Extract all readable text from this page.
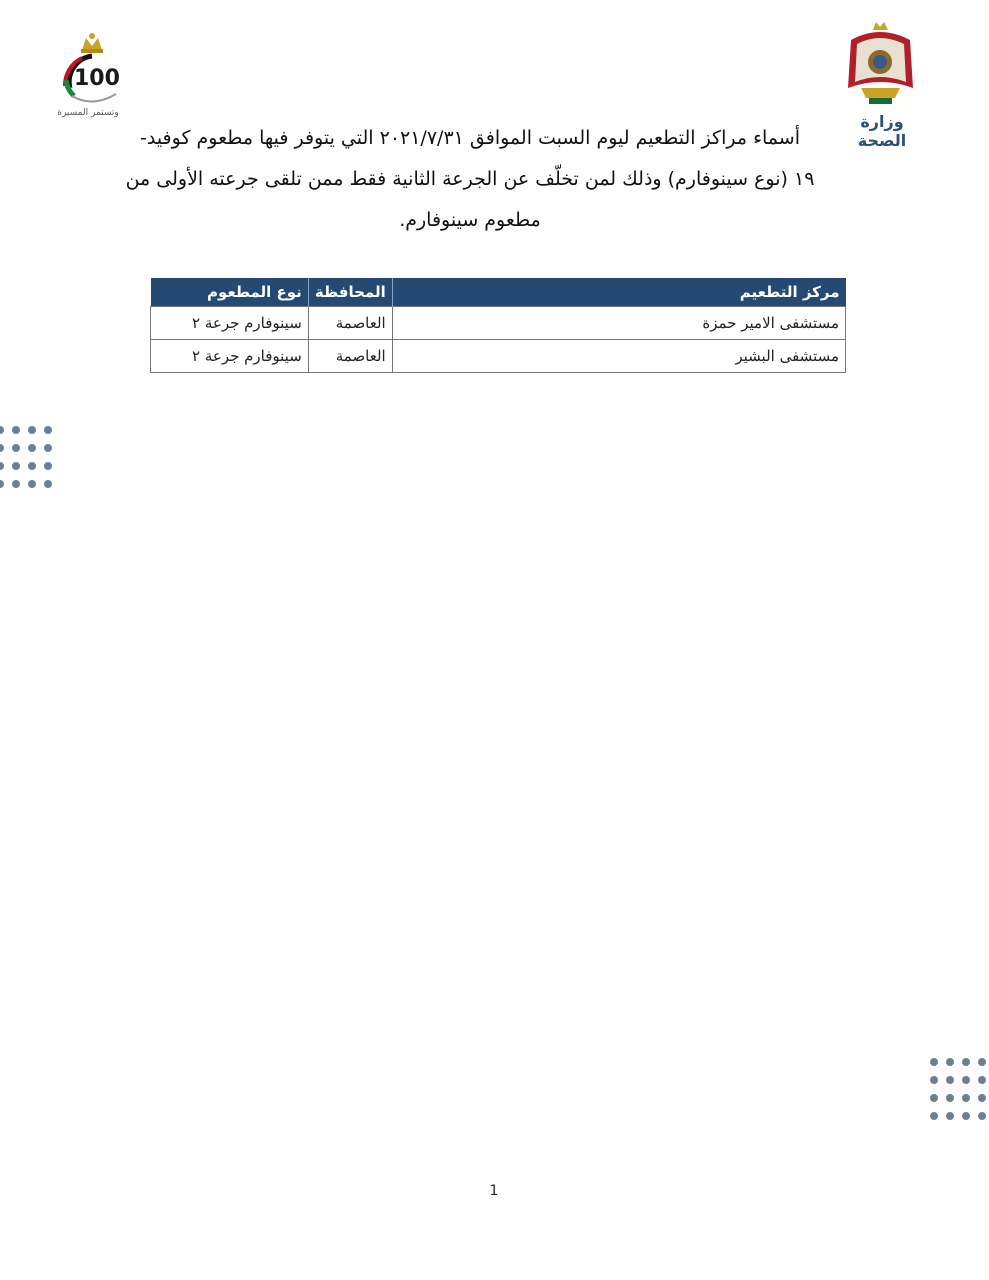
100
وتستمر المسيرة	وزارة الصحة
أسماء مراكز التطعيم ليوم السبت الموافق ٢٠٢١/٧/٣١ التي يتوفر فيها مطعوم كوفيد-
١٩ (نوع سينوفارم) وذلك لمن تخلّف عن الجرعة الثانية فقط ممن تلقى جرعته الأولى من
مطعوم سينوفارم.
مركز التطعيم	المحافظة	نوع المطعوم
مستشفى الامير حمزة	العاصمة	سينوفارم جرعة ٢
مستشفى البشير	العاصمة	سينوفارم جرعة ٢
1
